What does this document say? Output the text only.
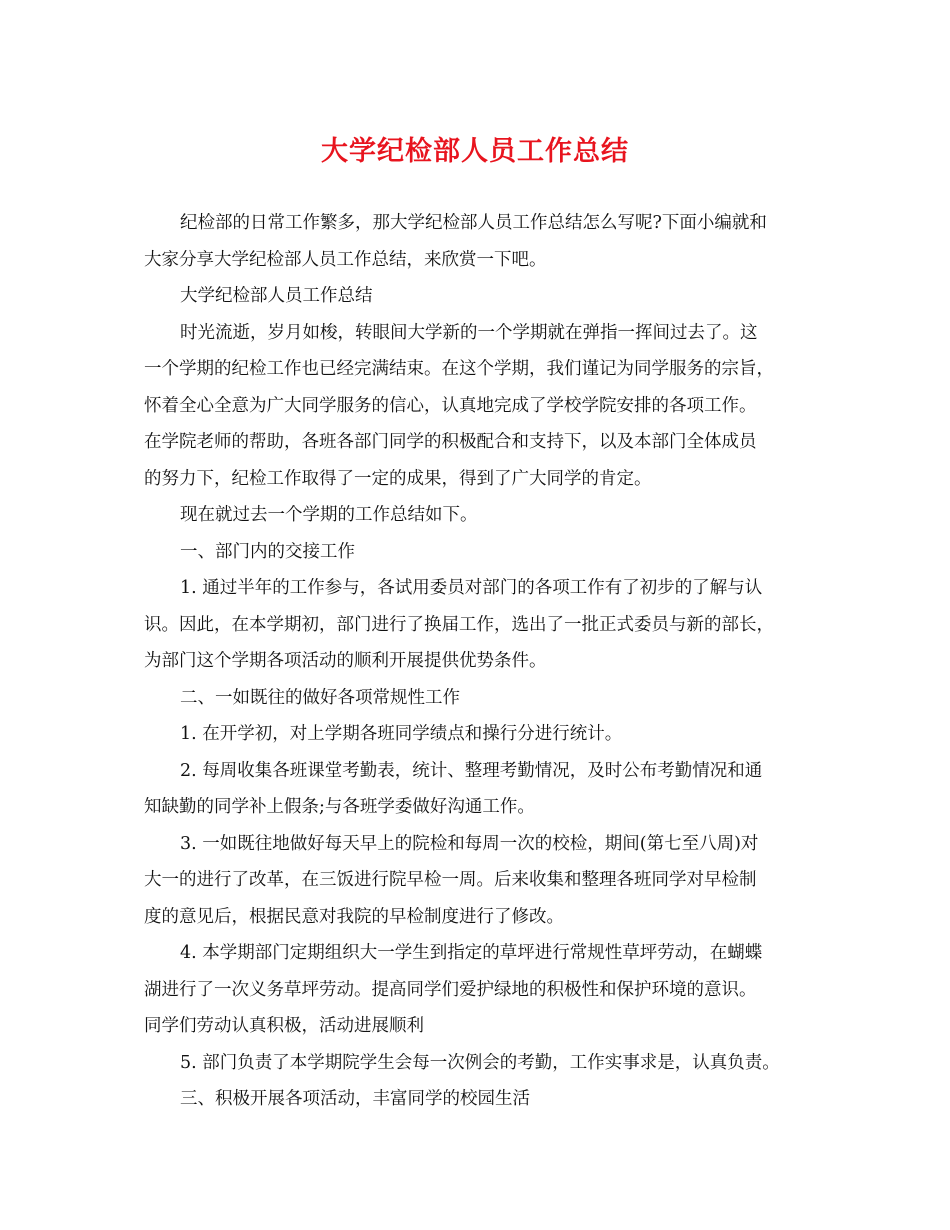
大学纪检部人员工作总结
纪检部的日常工作繁多，那大学纪检部人员工作总结怎么写呢?下面小编就和
大家分享大学纪检部人员工作总结，来欣赏一下吧。
大学纪检部人员工作总结
时光流逝，岁月如梭，转眼间大学新的一个学期就在弹指一挥间过去了。这
一个学期的纪检工作也已经完满结束。在这个学期，我们谨记为同学服务的宗旨，
怀着全心全意为广大同学服务的信心，认真地完成了学校学院安排的各项工作。
在学院老师的帮助，各班各部门同学的积极配合和支持下，以及本部门全体成员
的努力下，纪检工作取得了一定的成果，得到了广大同学的肯定。
现在就过去一个学期的工作总结如下。
一、部门内的交接工作
1. 通过半年的工作参与，各试用委员对部门的各项工作有了初步的了解与认
识。因此，在本学期初，部门进行了换届工作，选出了一批正式委员与新的部长，
为部门这个学期各项活动的顺利开展提供优势条件。
二、一如既往的做好各项常规性工作
1. 在开学初，对上学期各班同学绩点和操行分进行统计。
2. 每周收集各班课堂考勤表，统计、整理考勤情况，及时公布考勤情况和通
知缺勤的同学补上假条;与各班学委做好沟通工作。
3. 一如既往地做好每天早上的院检和每周一次的校检，期间(第七至八周)对
大一的进行了改革，在三饭进行院早检一周。后来收集和整理各班同学对早检制
度的意见后，根据民意对我院的早检制度进行了修改。
4. 本学期部门定期组织大一学生到指定的草坪进行常规性草坪劳动，在蝴蝶
湖进行了一次义务草坪劳动。提高同学们爱护绿地的积极性和保护环境的意识。
同学们劳动认真积极，活动进展顺利
5. 部门负责了本学期院学生会每一次例会的考勤，工作实事求是，认真负责。
三、积极开展各项活动，丰富同学的校园生活
